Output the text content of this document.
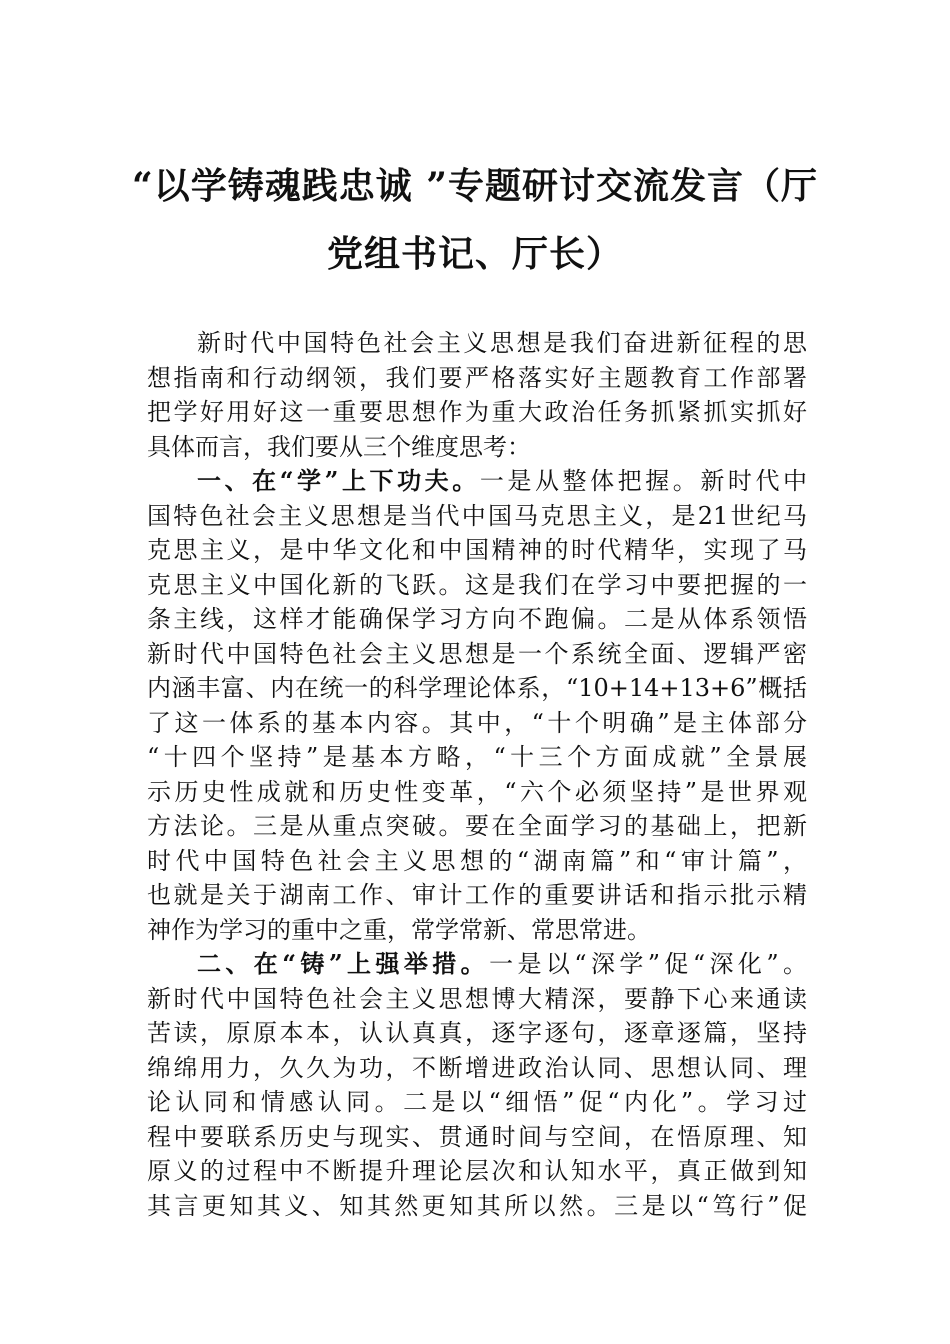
“以学铸魂践忠诚 ”专题研讨交流发言（厅
党组书记、厅长）
新时代中国特色社会主义思想是我们奋进新征程的思
想指南和行动纲领，我们要严格落实好主题教育工作部署
把学好用好这一重要思想作为重大政治任务抓紧抓实抓好
具体而言，我们要从三个维度思考：
一、在“学”上下功夫。一是从整体把握。新时代中
国特色社会主义思想是当代中国马克思主义，是21世纪马
克思主义，是中华文化和中国精神的时代精华，实现了马
克思主义中国化新的飞跃。这是我们在学习中要把握的一
条主线，这样才能确保学习方向不跑偏。二是从体系领悟
新时代中国特色社会主义思想是一个系统全面、逻辑严密
内涵丰富、内在统一的科学理论体系，“10+14+13+6”概括
了这一体系的基本内容。其中，“十个明确”是主体部分
“十四个坚持”是基本方略，“十三个方面成就”全景展
示历史性成就和历史性变革，“六个必须坚持”是世界观
方法论。三是从重点突破。要在全面学习的基础上，把新
时代中国特色社会主义思想的“湖南篇”和“审计篇”，
也就是关于湖南工作、审计工作的重要讲话和指示批示精
神作为学习的重中之重，常学常新、常思常进。
二、在“铸”上强举措。一是以“深学”促“深化”。
新时代中国特色社会主义思想博大精深，要静下心来通读
苦读，原原本本，认认真真，逐字逐句，逐章逐篇，坚持
绵绵用力，久久为功，不断增进政治认同、思想认同、理
论认同和情感认同。二是以“细悟”促“内化”。学习过
程中要联系历史与现实、贯通时间与空间，在悟原理、知
原义的过程中不断提升理论层次和认知水平，真正做到知
其言更知其义、知其然更知其所以然。三是以“笃行”促
